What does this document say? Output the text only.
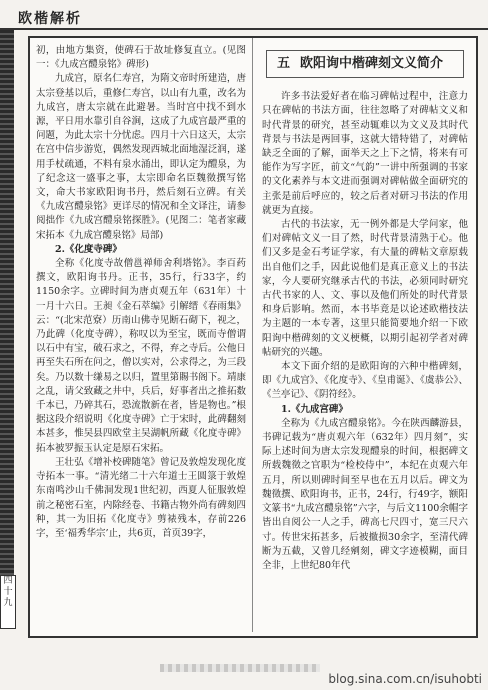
欧楷解析
四十九

初，由地方集资，使碑石于故址修复直立。(见图一：《九成宫醴泉铭》碑形)

九成宫，原名仁寿宫，为隋文帝时所建造，唐太宗登基以后，重修仁寿宫，以山有九重，改名为九成宫，唐太宗就在此避暑。当时宫中找不到水源，平日用水靠引自谷涧，这成了九成宫最严重的问题，为此太宗十分忧虑。四月十六日这天，太宗在宫中信步游览，偶然发现西城北面地湿泛润，遂用手杖疏通，不料有泉水涌出，即认定为醴泉，为了纪念这一盛事之事，太宗即命名臣魏徵撰写铭文，命大书家欧阳询书丹，然后刻石立碑。有关《九成宫醴泉铭》更详尽的情况和全文译注，请参阅拙作《九成宫醴泉铭探胜》。(见图二：笔者家藏宋拓本《九成宫醴泉铭》局部)

2.《化度寺碑》

全称《化度寺故僧邕禅师舍利塔铭》。李百药撰文，欧阳询书丹。正书，35行，行33字，约1150余字。立碑时间为唐贞观五年（631年）十一月十六日。王昶《金石萃编》引解缙《春雨集》云：“(北宋范寮）历南山佛寺见断石砌下，视之，乃此碑（化度寺碑），称叹以为至宝，既而寺僧谓以石中有宝，破石求之，不得，弃之寺后。公他日再至失石所在问之，僧以实对，公求得之，为三段矣。乃以数十缣易之以归，置里第賜书阁下。靖康之乱，请父致藏之井中，兵后，好事者出之推拓数千本已，乃碎其石，恐流散新在者，皆是物也。”根据这段介绍说明《化度寺碑》亡于宋时，此碑翻刻本甚多，惟吴县四欧堂主吴湖帆所藏《化度寺碑》拓本被罗振玉认定是原石宋拓。

王壮弘《增补校碑随笔》曾记及敦煌发现化度寺拓本一事。“清光绪二十六年道士王圆箓于敦煌东南鸣沙山千佛洞发现1世纪初，西夏人征服敦煌前之秘密石室，内除经卷、书籍古物外尚有碑刻四种，其一为旧拓《化度寺》剪裱残本，存前226字，至‘福秀华宗’止，共6页，首页39字，

五 欧阳询中楷碑刻文义简介

许多书法爱好者在临习碑帖过程中，注意力只在碑帖的书法方面，往往忽略了对碑帖文义和时代背景的研究，甚至动辄难以为文义及其时代背景与书法是两回事，这就大错特错了，对碑帖缺乏全面的了解，面举天之上下之情，将来有可能作为写字匠，前文“气韵”一讲中所强调的书家的文化素养与本文进而强调对碑帖做全面研究的主张是前后呼应的，较之后者对研习书法的作用就更为直接。

古代的书法家，无一例外都是大学问家，他们对碑帖文义一目了然，时代背景清熟于心。他们又多是金石考证学家，有大量的碑帖文章原载出自他们之手，因此说他们是真正意义上的书法家，今人要研究继承古代的书法，必须同时研究古代书家的人、文、事以及他们所处的时代背景和身后影响。然而，本书毕竟是以论述欧楷技法为主题的一本专著，这里只能简要地介绍一下欧阳询中楷碑刻的文义梗概，以期引起初学者对碑帖研究的兴趣。

本文下面介绍的是欧阳询的六种中楷碑刻，即《九成宫》、《化度寺》、《皇甫诞》、《虞恭公》、《兰亭记》、《阴符经》。

1.《九成宫碑》

全称为《九成宫醴泉铭》。今在陕西麟游县，书碑记载为“唐贞观六年（632年）四月刻”，实际上述时间为唐太宗发现醴泉的时间，根据碑文所载魏徵之官职为“检校侍中”，本纪在贞观六年五月，所以则碑时间至早也在五月以后。碑文为魏徵撰、欧阳询书，正书，24行，行49字，额阳文篆书“九成宫醴泉铭”六字，与后文1100余帽字皆出自阅公一人之手，碑高七尺四寸，宽三尺六寸。传世宋拓甚多，后被撤损30余字，至清代碑断为五截，又曾几经剜刻，碑文字迹模糊，面目全非，上世纪80年代

blog.sina.com.cn/isuhobti
